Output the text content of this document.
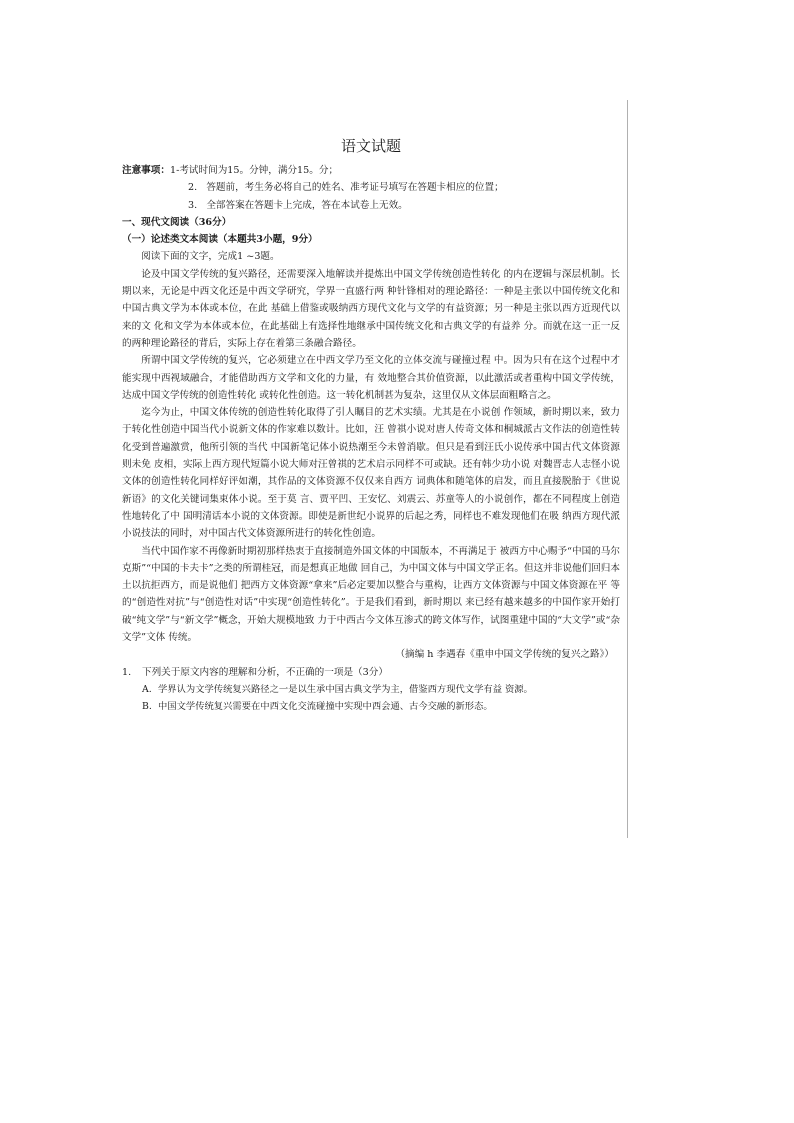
语文试题
注意事项：1-考试时间为15。分钟，满分15。分；
2. 答题前，考生务必将自己的姓名、准考证号填写在答题卡相应的位置；
3. 全部答案在答题卡上完成，答在本试卷上无效。
一、现代文阅读（36分）
（一）论述类文本阅读（本题共3小题，9分）
阅读下面的文字，完成1 ~3题。

论及中国文学传统的复兴路径，还需要深入地解读并提炼出中国文学传统创造性转化 的内在逻辑与深层机制。长期以来，无论是中西文化还是中西文学研究，学界一直盛行两 种针锋相对的理论路径：一种是主张以中国传统文化和中国古典文学为本体或本位，在此 基础上借鉴或吸纳西方现代文化与文学的有益资源；另一种是主张以西方近现代以来的文 化和文学为本体或本位，在此基础上有选择性地继承中国传统文化和古典文学的有益养 分。而就在这一正一反的两种理论路径的背后，实际上存在着第三条融合路径。

所谓中国文学传统的复兴，它必须建立在中西文学乃至文化的立体交流与碰撞过程 中。因为只有在这个过程中才能实现中西视域融合，才能借助西方文学和文化的力量，有 效地整合其价值资源，以此激活或者重构中国文学传统，达成中国文学传统的创造性转化 或转化性创造。这一转化机制甚为复杂，这里仅从文体层面粗略言之。

迄今为止，中国文体传统的创造性转化取得了引人瞩目的艺术实绩。尤其是在小说创 作领域，新时期以来，致力于转化性创造中国当代小说新文体的作家难以数计。比如，汪 曾祺小说对唐人传奇文体和桐城派古文作法的创造性转化受到普遍激赏，他所引领的当代 中国新笔记体小说热潮至今未曾消歇。但只是看到汪氏小说传承中国古代文体资源则未免 皮相，实际上西方现代短篇小说大师对汪曾祺的艺术启示同样不可或缺。还有韩少功小说 对魏晋志人志怪小说文体的创造性转化同样好评如潮，其作品的文体资源不仅仅来自西方 词典体和随笔体的启发，而且直接脱胎于《世说新语》的文化关键词集束体小说。至于莫 言、贾平凹、王安忆、刘震云、苏童等人的小说创作，都在不同程度上创造性地转化了中 国明清话本小说的文体资源。即使是新世纪小说界的后起之秀，同样也不难发现他们在吸 纳西方现代派小说技法的同时，对中国古代文体资源所进行的转化性创造。

当代中国作家不再像新时期初那样热衷于直接制造外国文体的中国版本，不再满足于 被西方中心赐予“中国的马尔克斯”“中国的卡夫卡”之类的所谓桂冠，而是想真正地做 回自己，为中国文体与中国文学正名。但这并非说他们回归本土以抗拒西方，而是说他们 把西方文体资源“拿来”后必定要加以整合与重构，让西方文体资源与中国文体资源在平 等的“创造性对抗”与“创造性对话”中实现“创造性转化”。于是我们看到，新时期以 来已经有越来越多的中国作家开始打破“纯文学”与“新文学”概念，开始大规模地致 力于中西古今文体互渗式的跨文体写作，试图重建中国的“大文学”或“杂文学”文体 传统。

（摘编 h 李遇春《重申中国文学传统的复兴之路》）
1. 下列关于原文内容的理解和分析，不正确的一项是（3分）
A. 学界认为文学传统复兴路径之一是以生承中国古典文学为主，借鉴西方现代文学有益 资源。
B. 中国文学传统复兴需要在中西文化交流碰撞中实现中西会通、古今交融的新形态。
